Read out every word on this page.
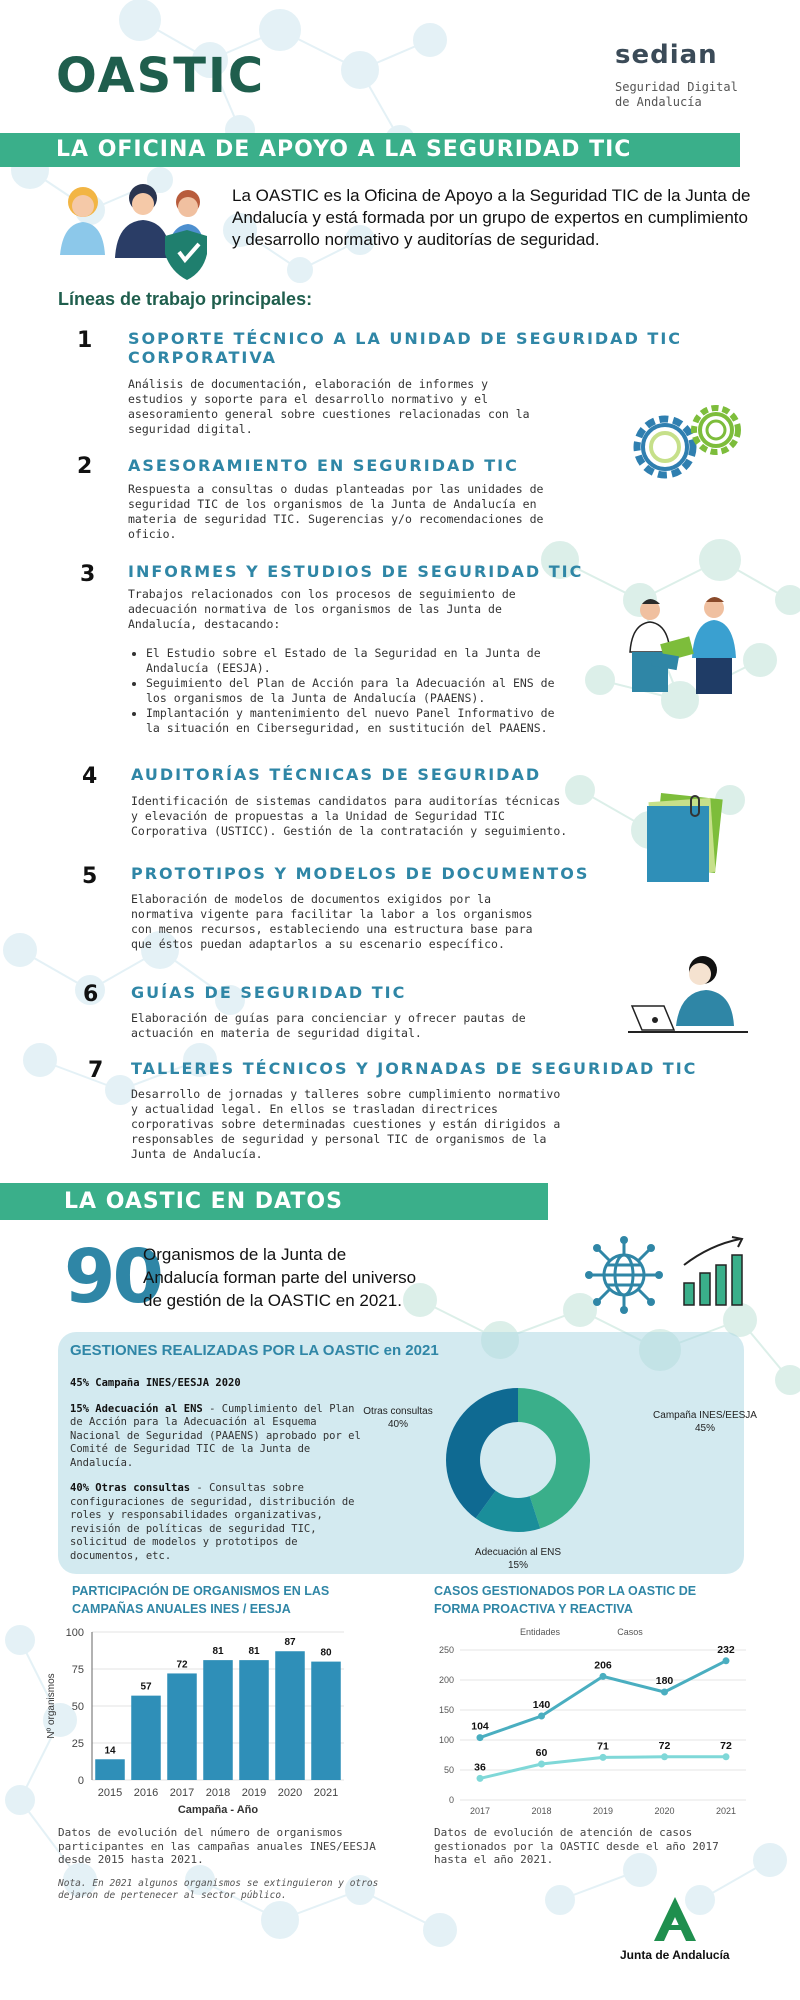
OASTIC	sedian
Seguridad Digital
de Andalucía
LA OFICINA DE APOYO A LA SEGURIDAD TIC
La OASTIC es la Oficina de Apoyo a la Seguridad TIC de la Junta de Andalucía y está formada por un grupo de expertos en cumplimiento y desarrollo normativo y auditorías de seguridad.
Líneas de trabajo principales:
1 SOPORTE TÉCNICO A LA UNIDAD DE SEGURIDAD TIC CORPORATIVA
Análisis de documentación, elaboración de informes y estudios y soporte para el desarrollo normativo y el asesoramiento general sobre cuestiones relacionadas con la seguridad digital.
2 ASESORAMIENTO EN SEGURIDAD TIC
Respuesta a consultas o dudas planteadas por las unidades de seguridad TIC de los organismos de la Junta de Andalucía en materia de seguridad TIC. Sugerencias y/o recomendaciones de oficio.
3 INFORMES Y ESTUDIOS DE SEGURIDAD TIC
Trabajos relacionados con los procesos de seguimiento de adecuación normativa de los organismos de las Junta de Andalucía, destacando:
• El Estudio sobre el Estado de la Seguridad en la Junta de Andalucía (EESJA).
• Seguimiento del Plan de Acción para la Adecuación al ENS de los organismos de la Junta de Andalucía (PAAENS).
• Implantación y mantenimiento del nuevo Panel Informativo de la situación en Ciberseguridad, en sustitución del PAAENS.
4 AUDITORÍAS TÉCNICAS DE SEGURIDAD
Identificación de sistemas candidatos para auditorías técnicas y elevación de propuestas a la Unidad de Seguridad TIC Corporativa (USTICC). Gestión de la contratación y seguimiento.
5 PROTOTIPOS Y MODELOS DE DOCUMENTOS
Elaboración de modelos de documentos exigidos por la normativa vigente para facilitar la labor a los organismos con menos recursos, estableciendo una estructura base para que éstos puedan adaptarlos a su escenario específico.
6 GUÍAS DE SEGURIDAD TIC
Elaboración de guías para concienciar y ofrecer pautas de actuación en materia de seguridad digital.
7 TALLERES TÉCNICOS Y JORNADAS DE SEGURIDAD TIC
Desarrollo de jornadas y talleres sobre cumplimiento normativo y actualidad legal. En ellos se trasladan directrices corporativas sobre determinadas cuestiones y están dirigidos a responsables de seguridad y personal TIC de organismos de la Junta de Andalucía.
LA OASTIC EN DATOS
90
Organismos de la Junta de Andalucía forman parte del universo de gestión de la OASTIC en 2021.
GESTIONES REALIZADAS POR LA OASTIC en 2021

45% Campaña INES/EESJA 2020

15% Adecuación al ENS - Cumplimiento del Plan de Acción para la Adecuación al Esquema Nacional de Seguridad (PAAENS) aprobado por el Comité de Seguridad TIC de la Junta de Andalucía.

40% Otras consultas - Consultas sobre configuraciones de seguridad, distribución de roles y responsabilidades organizativas, revisión de políticas de seguridad TIC, solicitud de modelos y prototipos de documentos, etc.

Campaña INES/EESJA
45%
Adecuación al ENS
15%
Otras consultas
40%
PARTICIPACIÓN DE ORGANISMOS EN LAS CAMPAÑAS ANUALES INES / EESJA
0
25
50
75
100
14
2015
57
2016
72
2017
81
2018
81
2019
87
2020
80
2021
Campaña - Año
Nº organismos
Datos de evolución del número de organismos participantes en las campañas anuales INES/EESJA desde 2015 hasta 2021.
Nota. En 2021 algunos organismos se extinguieron y otros dejaron de pertenecer al sector público.
CASOS GESTIONADOS POR LA OASTIC DE FORMA PROACTIVA Y REACTIVA
0
50
100
150
200
250
2017	2018	2019	2020	2021
Entidades	Casos
36
60
71	72	72
104
140
206
180
232
Datos de evolución de atención de casos gestionados por la OASTIC desde el año 2017 hasta el año 2021.
Junta de Andalucía
